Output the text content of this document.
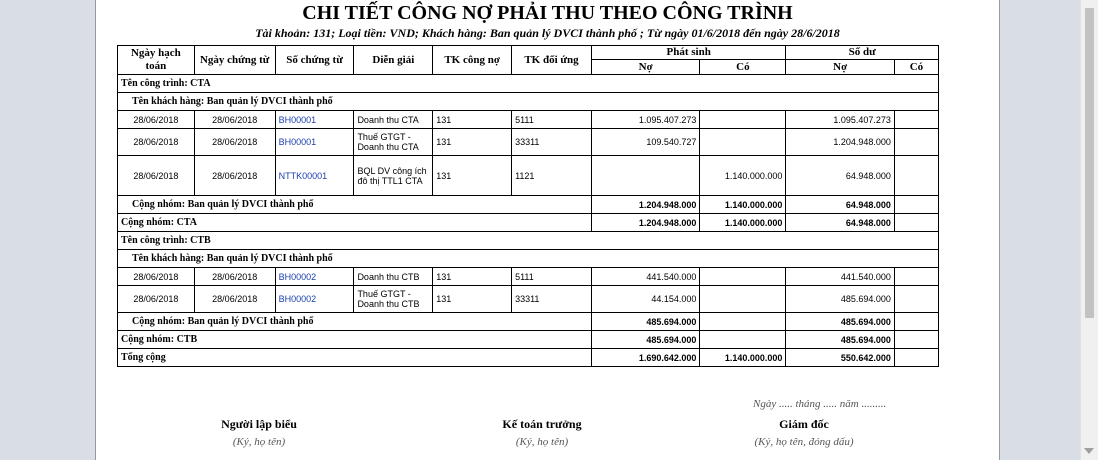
CHI TIẾT CÔNG NỢ PHẢI THU THEO CÔNG TRÌNH
Tài khoản: 131; Loại tiền: VND; Khách hàng: Ban quản lý DVCI thành phố ; Từ ngày 01/6/2018 đến ngày 28/6/2018
Ngày hạch toán	Ngày chứng từ	Số chứng từ	Diễn giải	TK công nợ	TK đối ứng	Phát sinh		Số dư	
						Nợ	Có	Nợ	Có
Tên công trình: CTA									
Tên khách hàng: Ban quản lý DVCI thành phố									
28/06/2018	28/06/2018	BH00001	Doanh thu CTA	131	5111	1.095.407.273		1.095.407.273	
28/06/2018	28/06/2018	BH00001	Thuế GTGT - Doanh thu CTA	131	33311	109.540.727		1.204.948.000	
28/06/2018	28/06/2018	NTTK00001	BQL DV công ích đô thị TTL1 CTA	131	1121		1.140.000.000	64.948.000	
Cộng nhóm: Ban quản lý DVCI thành phố						1.204.948.000	1.140.000.000	64.948.000	
Cộng nhóm: CTA						1.204.948.000	1.140.000.000	64.948.000	
Tên công trình: CTB									
Tên khách hàng: Ban quản lý DVCI thành phố									
28/06/2018	28/06/2018	BH00002	Doanh thu CTB	131	5111	441.540.000		441.540.000	
28/06/2018	28/06/2018	BH00002	Thuế GTGT - Doanh thu CTB	131	33311	44.154.000		485.694.000	
Cộng nhóm: Ban quản lý DVCI thành phố						485.694.000		485.694.000	
Cộng nhóm: CTB						485.694.000		485.694.000	
Tổng cộng						1.690.642.000	1.140.000.000	550.642.000	
Ngày ..... tháng ..... năm .........
Người lập biểu
(Ký, họ tên)
Kế toán trưởng
(Ký, họ tên)
Giám đốc
(Ký, họ tên, đóng dấu)
